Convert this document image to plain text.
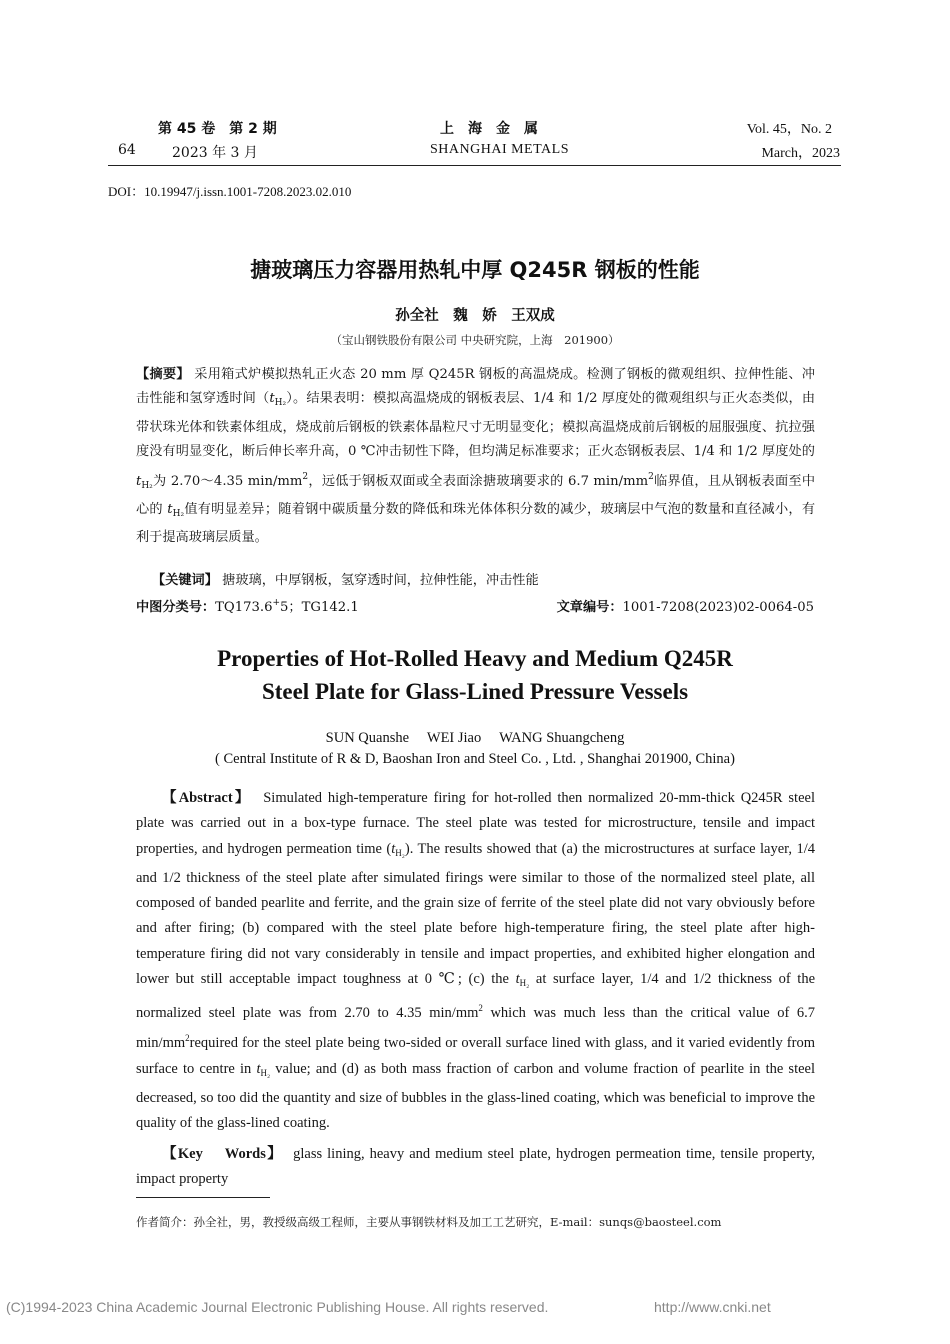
第 45 卷　第 2 期
64	2023 年 3 月
上　海　金　属
SHANGHAI METALS
Vol. 45，No. 2
March，2023
DOI：10.19947/j.issn.1001-7208.2023.02.010
搪玻璃压力容器用热轧中厚 Q245R 钢板的性能
孙全社　魏　娇　王双成
（宝山钢铁股份有限公司 中央研究院，上海　201900）
【摘要】 采用箱式炉模拟热轧正火态 20 mm 厚 Q245R 钢板的高温烧成。检测了钢板的微观组织、拉伸性能、冲击性能和氢穿透时间$(t_{H_2})$。结果表明：模拟高温烧成的钢板表层、1/4 和 1/2 厚度处的微观组织与正火态类似，由带状珠光体和铁素体组成，烧成前后钢板的铁素体晶粒尺寸无明显变化；模拟高温烧成前后钢板的屈服强度、抗拉强度没有明显变化，断后伸长率升高，0 ℃冲击韧性下降，但均满足标准要求；正火态钢板表层、1/4 和 1/2 厚度处的 $t_{H_2}$为 2.70～4.35 $\min/mm^2$，远低于钢板双面或全表面涂搪玻璃要求的 6.7 $\min/mm^2$临界值，且从钢板表面至中心的 $t_{H_2}$值有明显差异；随着钢中碳质量分数的降低和珠光体体积分数的减少，玻璃层中气泡的数量和直径减小，有利于提高玻璃层质量。
【关键词】 搪玻璃，中厚钢板，氢穿透时间，拉伸性能，冲击性能
中图分类号：TQ173.6+5；TG142.1	文章编号：1001-7208(2023)02-0064-05
Properties of Hot-Rolled Heavy and Medium Q245R
Steel Plate for Glass-Lined Pressure Vessels
SUN Quanshe　 WEI Jiao　 WANG Shuangcheng
( Central Institute of R & D, Baoshan Iron and Steel Co. , Ltd. , Shanghai 201900, China)
【Abstract】 Simulated high-temperature firing for hot-rolled then normalized 20-mm-thick Q245R steel plate was carried out in a box-type furnace. The steel plate was tested for microstructure, tensile and impact properties, and hydrogen permeation time $(t_{H_2})$. The results showed that (a) the microstructures at surface layer, 1/4 and 1/2 thickness of the steel plate after simulated firings were similar to those of the normalized steel plate, all composed of banded pearlite and ferrite, and the grain size of ferrite of the steel plate did not vary obviously before and after firing; (b) compared with the steel plate before high-temperature firing, the steel plate after high-temperature firing did not vary considerably in tensile and impact properties, and exhibited higher elongation and lower but still acceptable impact toughness at 0 ℃; (c) the $t_{H_2}$ at surface layer, 1/4 and 1/2 thickness of the normalized steel plate was from 2.70 to 4.35 $\min/mm^2$ which was much less than the critical value of 6.7 $\min/mm^2required$ for the steel plate being two-sided or overall surface lined with glass, and it varied evidently from surface to centre in $t_{H_2}$ value; and (d) as both mass fraction of carbon and volume fraction of pearlite in the steel decreased, so too did the quantity and size of bubbles in the glass-lined coating, which was beneficial to improve the quality of the glass-lined coating.
【Key　 Words】 glass lining, heavy and medium steel plate, hydrogen permeation time, tensile property, impact property
作者简介：孙全社，男，教授级高级工程师，主要从事钢铁材料及加工工艺研究，E-mail：sunqs@baosteel.com
(C)1994-2023 China Academic Journal Electronic Publishing House. All rights reserved.	http://www.cnki.net
